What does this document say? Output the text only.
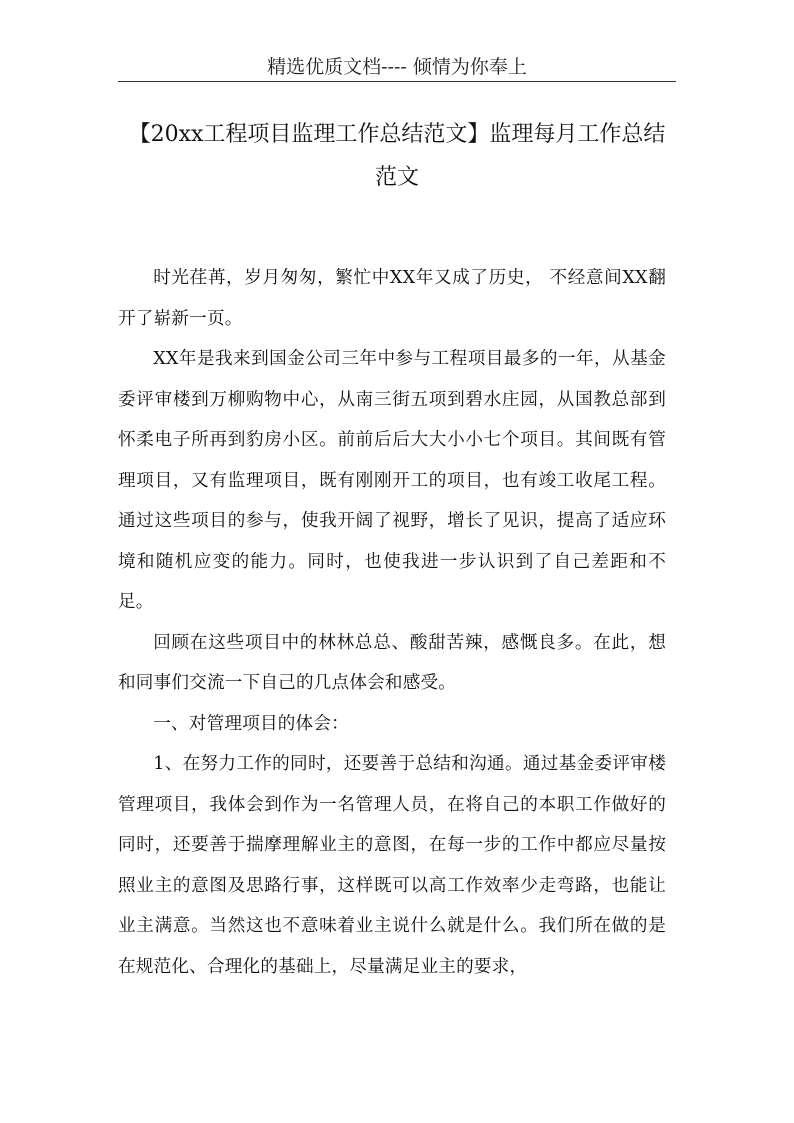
精选优质文档---- 倾情为你奉上
【20xx工程项目监理工作总结范文】监理每月工作总结范文

时光荏苒，岁月匆匆，繁忙中XX年又成了历史， 不经意间XX翻开了崭新一页。

XX年是我来到国金公司三年中参与工程项目最多的一年，从基金委评审楼到万柳购物中心，从南三街五项到碧水庄园，从国教总部到怀柔电子所再到豹房小区。前前后后大大小小七个项目。其间既有管理项目，又有监理项目，既有刚刚开工的项目，也有竣工收尾工程。通过这些项目的参与，使我开阔了视野，增长了见识，提高了适应环境和随机应变的能力。同时，也使我进一步认识到了自己差距和不足。

回顾在这些项目中的林林总总、酸甜苦辣，感慨良多。在此，想和同事们交流一下自己的几点体会和感受。

一、对管理项目的体会：

1、在努力工作的同时，还要善于总结和沟通。通过基金委评审楼管理项目，我体会到作为一名管理人员，在将自己的本职工作做好的同时，还要善于揣摩理解业主的意图，在每一步的工作中都应尽量按照业主的意图及思路行事，这样既可以高工作效率少走弯路，也能让业主满意。当然这也不意味着业主说什么就是什么。我们所在做的是在规范化、合理化的基础上，尽量满足业主的要求，
